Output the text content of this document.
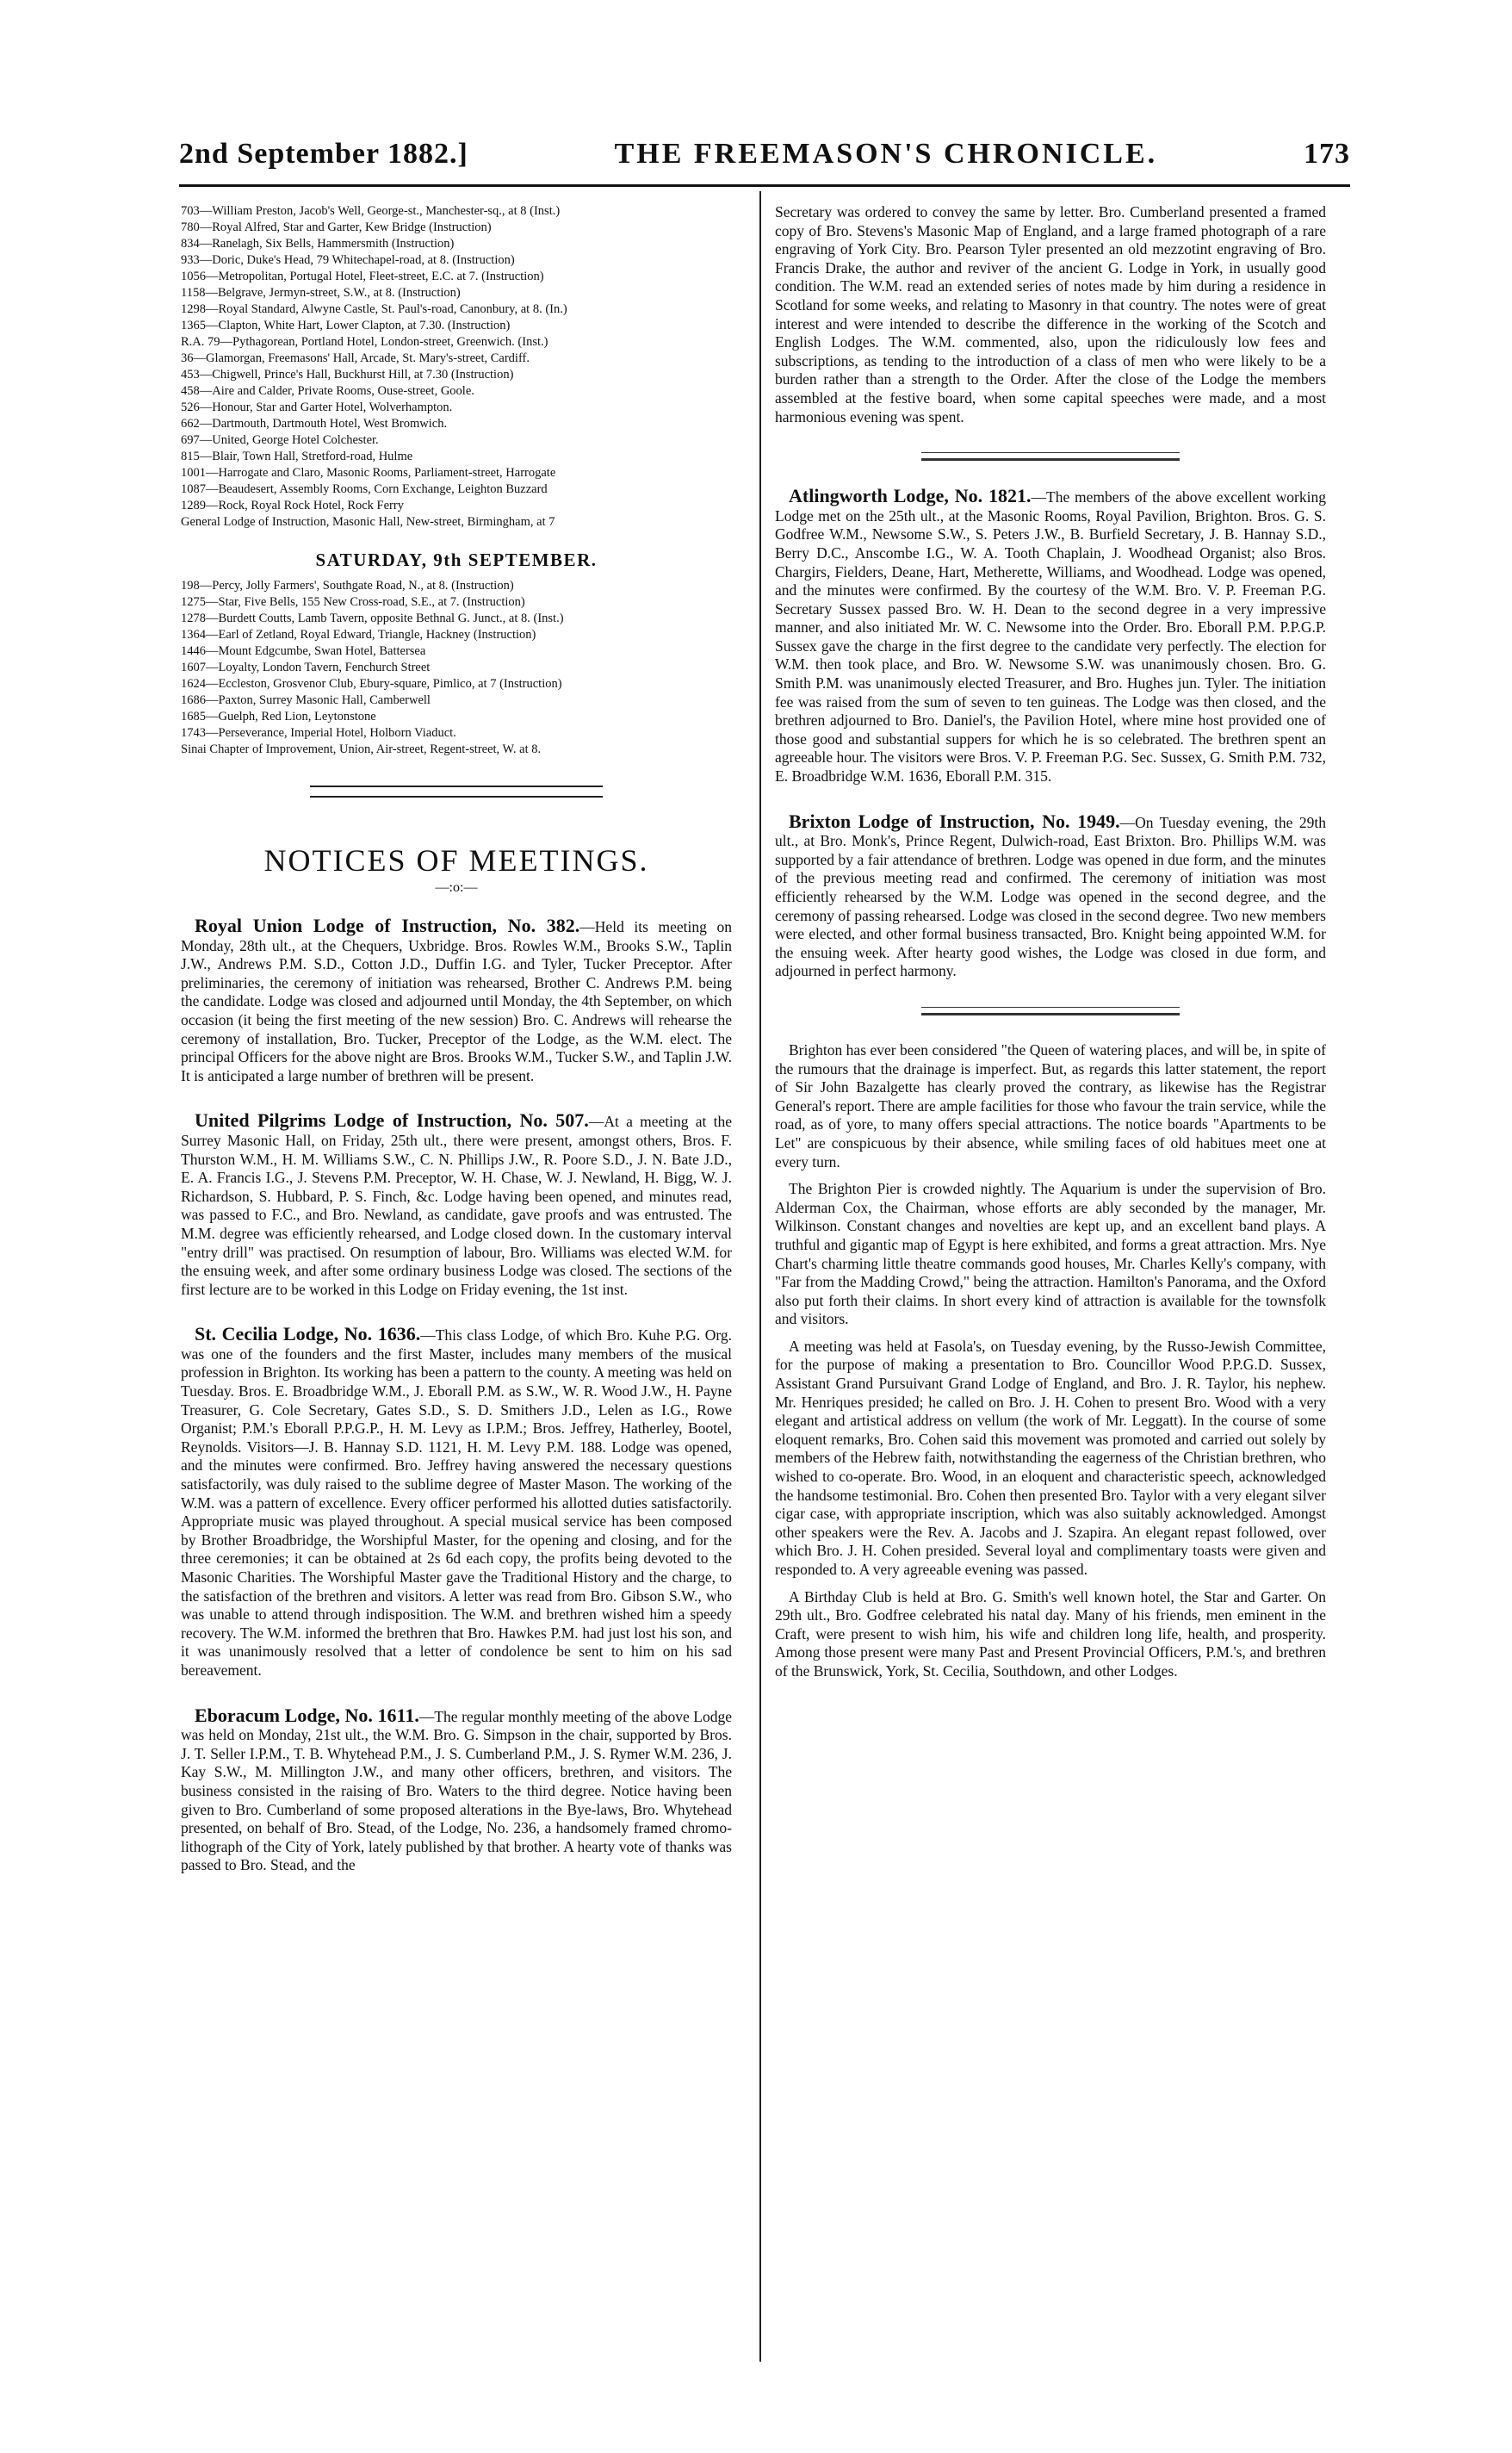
2nd September 1882.]	THE FREEMASON'S CHRONICLE.	173

703—William Preston, Jacob's Well, George-st., Manchester-sq., at 8 (Inst.)

780—Royal Alfred, Star and Garter, Kew Bridge (Instruction)

834—Ranelagh, Six Bells, Hammersmith (Instruction)

933—Doric, Duke's Head, 79 Whitechapel-road, at 8. (Instruction)

1056—Metropolitan, Portugal Hotel, Fleet-street, E.C. at 7. (Instruction)

1158—Belgrave, Jermyn-street, S.W., at 8. (Instruction)

1298—Royal Standard, Alwyne Castle, St. Paul's-road, Canonbury, at 8. (In.)

1365—Clapton, White Hart, Lower Clapton, at 7.30. (Instruction)

R.A. 79—Pythagorean, Portland Hotel, London-street, Greenwich. (Inst.)

36—Glamorgan, Freemasons' Hall, Arcade, St. Mary's-street, Cardiff.

453—Chigwell, Prince's Hall, Buckhurst Hill, at 7.30 (Instruction)

458—Aire and Calder, Private Rooms, Ouse-street, Goole.

526—Honour, Star and Garter Hotel, Wolverhampton.

662—Dartmouth, Dartmouth Hotel, West Bromwich.

697—United, George Hotel Colchester.

815—Blair, Town Hall, Stretford-road, Hulme

1001—Harrogate and Claro, Masonic Rooms, Parliament-street, Harrogate

1087—Beaudesert, Assembly Rooms, Corn Exchange, Leighton Buzzard

1289—Rock, Royal Rock Hotel, Rock Ferry

General Lodge of Instruction, Masonic Hall, New-street, Birmingham, at 7

SATURDAY, 9th SEPTEMBER.

198—Percy, Jolly Farmers', Southgate Road, N., at 8. (Instruction)

1275—Star, Five Bells, 155 New Cross-road, S.E., at 7. (Instruction)

1278—Burdett Coutts, Lamb Tavern, opposite Bethnal G. Junct., at 8. (Inst.)

1364—Earl of Zetland, Royal Edward, Triangle, Hackney (Instruction)

1446—Mount Edgcumbe, Swan Hotel, Battersea

1607—Loyalty, London Tavern, Fenchurch Street

1624—Eccleston, Grosvenor Club, Ebury-square, Pimlico, at 7 (Instruction)

1686—Paxton, Surrey Masonic Hall, Camberwell

1685—Guelph, Red Lion, Leytonstone

1743—Perseverance, Imperial Hotel, Holborn Viaduct.

Sinai Chapter of Improvement, Union, Air-street, Regent-street, W. at 8.

NOTICES OF MEETINGS.
—:o:—

Royal Union Lodge of Instruction, No. 382.—Held its meeting on Monday, 28th ult., at the Chequers, Uxbridge. Bros. Rowles W.M., Brooks S.W., Taplin J.W., Andrews P.M. S.D., Cotton J.D., Duffin I.G. and Tyler, Tucker Preceptor. After preliminaries, the ceremony of initiation was rehearsed, Brother C. Andrews P.M. being the candidate. Lodge was closed and adjourned until Monday, the 4th September, on which occasion (it being the first meeting of the new session) Bro. C. Andrews will rehearse the ceremony of installation, Bro. Tucker, Preceptor of the Lodge, as the W.M. elect. The principal Officers for the above night are Bros. Brooks W.M., Tucker S.W., and Taplin J.W. It is anticipated a large number of brethren will be present.

United Pilgrims Lodge of Instruction, No. 507.—At a meeting at the Surrey Masonic Hall, on Friday, 25th ult., there were present, amongst others, Bros. F. Thurston W.M., H. M. Williams S.W., C. N. Phillips J.W., R. Poore S.D., J. N. Bate J.D., E. A. Francis I.G., J. Stevens P.M. Preceptor, W. H. Chase, W. J. Newland, H. Bigg, W. J. Richardson, S. Hubbard, P. S. Finch, &c. Lodge having been opened, and minutes read, was passed to F.C., and Bro. Newland, as candidate, gave proofs and was entrusted. The M.M. degree was efficiently rehearsed, and Lodge closed down. In the customary interval "entry drill" was practised. On resumption of labour, Bro. Williams was elected W.M. for the ensuing week, and after some ordinary business Lodge was closed. The sections of the first lecture are to be worked in this Lodge on Friday evening, the 1st inst.

St. Cecilia Lodge, No. 1636.—This class Lodge, of which Bro. Kuhe P.G. Org. was one of the founders and the first Master, includes many members of the musical profession in Brighton. Its working has been a pattern to the county. A meeting was held on Tuesday. Bros. E. Broadbridge W.M., J. Eborall P.M. as S.W., W. R. Wood J.W., H. Payne Treasurer, G. Cole Secretary, Gates S.D., S. D. Smithers J.D., Lelen as I.G., Rowe Organist; P.M.'s Eborall P.P.G.P., H. M. Levy as I.P.M.; Bros. Jeffrey, Hatherley, Bootel, Reynolds. Visitors—J. B. Hannay S.D. 1121, H. M. Levy P.M. 188. Lodge was opened, and the minutes were confirmed. Bro. Jeffrey having answered the necessary questions satisfactorily, was duly raised to the sublime degree of Master Mason. The working of the W.M. was a pattern of excellence. Every officer performed his allotted duties satisfactorily. Appropriate music was played throughout. A special musical service has been composed by Brother Broadbridge, the Worshipful Master, for the opening and closing, and for the three ceremonies; it can be obtained at 2s 6d each copy, the profits being devoted to the Masonic Charities. The Worshipful Master gave the Traditional History and the charge, to the satisfaction of the brethren and visitors. A letter was read from Bro. Gibson S.W., who was unable to attend through indisposition. The W.M. and brethren wished him a speedy recovery. The W.M. informed the brethren that Bro. Hawkes P.M. had just lost his son, and it was unanimously resolved that a letter of condolence be sent to him on his sad bereavement.

Eboracum Lodge, No. 1611.—The regular monthly meeting of the above Lodge was held on Monday, 21st ult., the W.M. Bro. G. Simpson in the chair, supported by Bros. J. T. Seller I.P.M., T. B. Whytehead P.M., J. S. Cumberland P.M., J. S. Rymer W.M. 236, J. Kay S.W., M. Millington J.W., and many other officers, brethren, and visitors. The business consisted in the raising of Bro. Waters to the third degree. Notice having been given to Bro. Cumberland of some proposed alterations in the Bye-laws, Bro. Whytehead presented, on behalf of Bro. Stead, of the Lodge, No. 236, a handsomely framed chromo-lithograph of the City of York, lately published by that brother. A hearty vote of thanks was passed to Bro. Stead, and the

Secretary was ordered to convey the same by letter. Bro. Cumberland presented a framed copy of Bro. Stevens's Masonic Map of England, and a large framed photograph of a rare engraving of York City. Bro. Pearson Tyler presented an old mezzotint engraving of Bro. Francis Drake, the author and reviver of the ancient G. Lodge in York, in usually good condition. The W.M. read an extended series of notes made by him during a residence in Scotland for some weeks, and relating to Masonry in that country. The notes were of great interest and were intended to describe the difference in the working of the Scotch and English Lodges. The W.M. commented, also, upon the ridiculously low fees and subscriptions, as tending to the introduction of a class of men who were likely to be a burden rather than a strength to the Order. After the close of the Lodge the members assembled at the festive board, when some capital speeches were made, and a most harmonious evening was spent.

Atlingworth Lodge, No. 1821.—The members of the above excellent working Lodge met on the 25th ult., at the Masonic Rooms, Royal Pavilion, Brighton. Bros. G. S. Godfree W.M., Newsome S.W., S. Peters J.W., B. Burfield Secretary, J. B. Hannay S.D., Berry D.C., Anscombe I.G., W. A. Tooth Chaplain, J. Woodhead Organist; also Bros. Chargirs, Fielders, Deane, Hart, Metherette, Williams, and Woodhead. Lodge was opened, and the minutes were confirmed. By the courtesy of the W.M. Bro. V. P. Freeman P.G. Secretary Sussex passed Bro. W. H. Dean to the second degree in a very impressive manner, and also initiated Mr. W. C. Newsome into the Order. Bro. Eborall P.M. P.P.G.P. Sussex gave the charge in the first degree to the candidate very perfectly. The election for W.M. then took place, and Bro. W. Newsome S.W. was unanimously chosen. Bro. G. Smith P.M. was unanimously elected Treasurer, and Bro. Hughes jun. Tyler. The initiation fee was raised from the sum of seven to ten guineas. The Lodge was then closed, and the brethren adjourned to Bro. Daniel's, the Pavilion Hotel, where mine host provided one of those good and substantial suppers for which he is so celebrated. The brethren spent an agreeable hour. The visitors were Bros. V. P. Freeman P.G. Sec. Sussex, G. Smith P.M. 732, E. Broadbridge W.M. 1636, Eborall P.M. 315.

Brixton Lodge of Instruction, No. 1949.—On Tuesday evening, the 29th ult., at Bro. Monk's, Prince Regent, Dulwich-road, East Brixton. Bro. Phillips W.M. was supported by a fair attendance of brethren. Lodge was opened in due form, and the minutes of the previous meeting read and confirmed. The ceremony of initiation was most efficiently rehearsed by the W.M. Lodge was opened in the second degree, and the ceremony of passing rehearsed. Lodge was closed in the second degree. Two new members were elected, and other formal business transacted, Bro. Knight being appointed W.M. for the ensuing week. After hearty good wishes, the Lodge was closed in due form, and adjourned in perfect harmony.

Brighton has ever been considered "the Queen of watering places, and will be, in spite of the rumours that the drainage is imperfect. But, as regards this latter statement, the report of Sir John Bazalgette has clearly proved the contrary, as likewise has the Registrar General's report. There are ample facilities for those who favour the train service, while the road, as of yore, to many offers special attractions. The notice boards "Apartments to be Let" are conspicuous by their absence, while smiling faces of old habitues meet one at every turn.

The Brighton Pier is crowded nightly. The Aquarium is under the supervision of Bro. Alderman Cox, the Chairman, whose efforts are ably seconded by the manager, Mr. Wilkinson. Constant changes and novelties are kept up, and an excellent band plays. A truthful and gigantic map of Egypt is here exhibited, and forms a great attraction. Mrs. Nye Chart's charming little theatre commands good houses, Mr. Charles Kelly's company, with "Far from the Madding Crowd," being the attraction. Hamilton's Panorama, and the Oxford also put forth their claims. In short every kind of attraction is available for the townsfolk and visitors.

A meeting was held at Fasola's, on Tuesday evening, by the Russo-Jewish Committee, for the purpose of making a presentation to Bro. Councillor Wood P.P.G.D. Sussex, Assistant Grand Pursuivant Grand Lodge of England, and Bro. J. R. Taylor, his nephew. Mr. Henriques presided; he called on Bro. J. H. Cohen to present Bro. Wood with a very elegant and artistical address on vellum (the work of Mr. Leggatt). In the course of some eloquent remarks, Bro. Cohen said this movement was promoted and carried out solely by members of the Hebrew faith, notwithstanding the eagerness of the Christian brethren, who wished to co-operate. Bro. Wood, in an eloquent and characteristic speech, acknowledged the handsome testimonial. Bro. Cohen then presented Bro. Taylor with a very elegant silver cigar case, with appropriate inscription, which was also suitably acknowledged. Amongst other speakers were the Rev. A. Jacobs and J. Szapira. An elegant repast followed, over which Bro. J. H. Cohen presided. Several loyal and complimentary toasts were given and responded to. A very agreeable evening was passed.

A Birthday Club is held at Bro. G. Smith's well known hotel, the Star and Garter. On 29th ult., Bro. Godfree celebrated his natal day. Many of his friends, men eminent in the Craft, were present to wish him, his wife and children long life, health, and prosperity. Among those present were many Past and Present Provincial Officers, P.M.'s, and brethren of the Brunswick, York, St. Cecilia, Southdown, and other Lodges.
